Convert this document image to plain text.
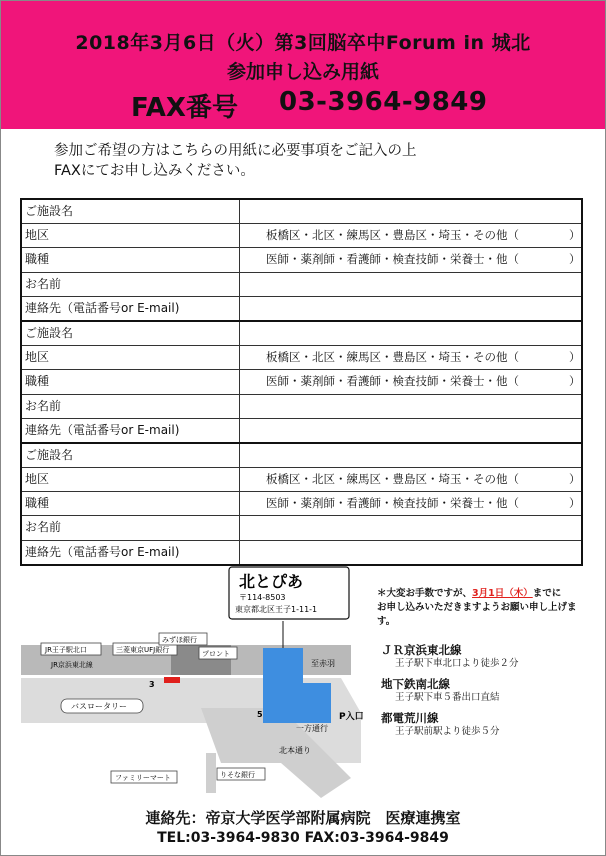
2018年3月6日（火）第3回脳卒中Forum in 城北
参加申し込み用紙
FAX番号 03-3964-9849
参加ご希望の方はこちらの用紙に必要事項をご記入の上
FAXにてお申し込みください。
ご施設名
地区	板橋区・北区・練馬区・豊島区・埼玉・その他（	）
職種	医師・薬剤師・看護師・検査技師・栄養士・他（	）
お名前
連絡先（電話番号or E-mail)
ご施設名
地区	板橋区・北区・練馬区・豊島区・埼玉・その他（	）
職種	医師・薬剤師・看護師・検査技師・栄養士・他（	）
お名前
連絡先（電話番号or E-mail)
ご施設名
地区	板橋区・北区・練馬区・豊島区・埼玉・その他（	）
職種	医師・薬剤師・看護師・検査技師・栄養士・他（	）
お名前
連絡先（電話番号or E-mail)
北とぴあ
〒114-8503
東京都北区王子1-11-1
JR王子駅北口
JR京浜東北線
三菱東京UFJ銀行
みずほ銀行
プロント
バスロータリー
ファミリーマート	りそな銀行
至赤羽
一方通行
北本通り
P入口
3
5
＊大変お手数ですが、3月1日（木）までに
お申し込みいただきますようお願い申し上げます。
ＪＲ京浜東北線
王子駅下車北口より徒歩２分
地下鉄南北線
王子駅下車５番出口直結
都電荒川線
王子駅前駅より徒歩５分
連絡先：帝京大学医学部附属病院　医療連携室
TEL:03-3964-9830 FAX:03-3964-9849
